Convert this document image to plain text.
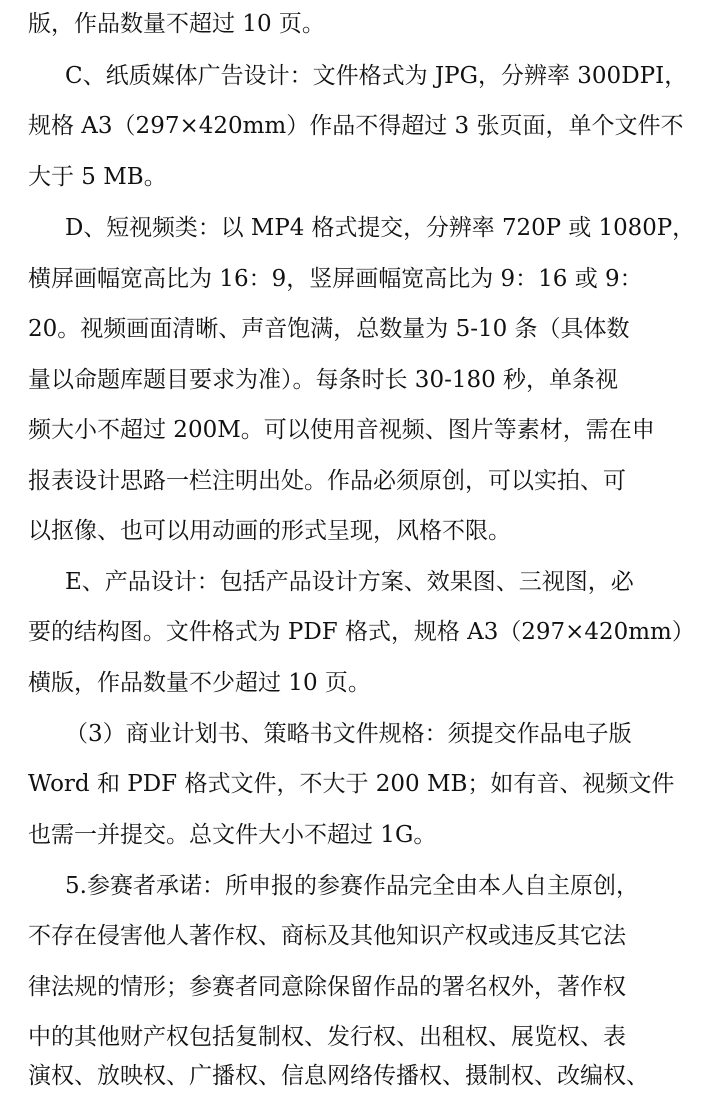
版，作品数量不超过 10 页。
C、纸质媒体广告设计：文件格式为 JPG，分辨率 300DPI，
规格 A3（297×420mm）作品不得超过 3 张页面，单个文件不
大于 5 MB。
D、短视频类：以 MP4 格式提交，分辨率 720P 或 1080P，
横屏画幅宽高比为 16：9，竖屏画幅宽高比为 9：16 或 9：
20。视频画面清晰、声音饱满，总数量为 5-10 条（具体数
量以命题库题目要求为准）。每条时长 30-180 秒，单条视
频大小不超过 200M。可以使用音视频、图片等素材，需在申
报表设计思路一栏注明出处。作品必须原创，可以实拍、可
以抠像、也可以用动画的形式呈现，风格不限。
E、产品设计：包括产品设计方案、效果图、三视图，必
要的结构图。文件格式为 PDF 格式，规格 A3（297×420mm）
横版，作品数量不少超过 10 页。
（3）商业计划书、策略书文件规格：须提交作品电子版
Word 和 PDF 格式文件，不大于 200 MB；如有音、视频文件
也需一并提交。总文件大小不超过 1G。
5.参赛者承诺：所申报的参赛作品完全由本人自主原创，
不存在侵害他人著作权、商标及其他知识产权或违反其它法
律法规的情形；参赛者同意除保留作品的署名权外，著作权
中的其他财产权包括复制权、发行权、出租权、展览权、表
演权、放映权、广播权、信息网络传播权、摄制权、改编权、
